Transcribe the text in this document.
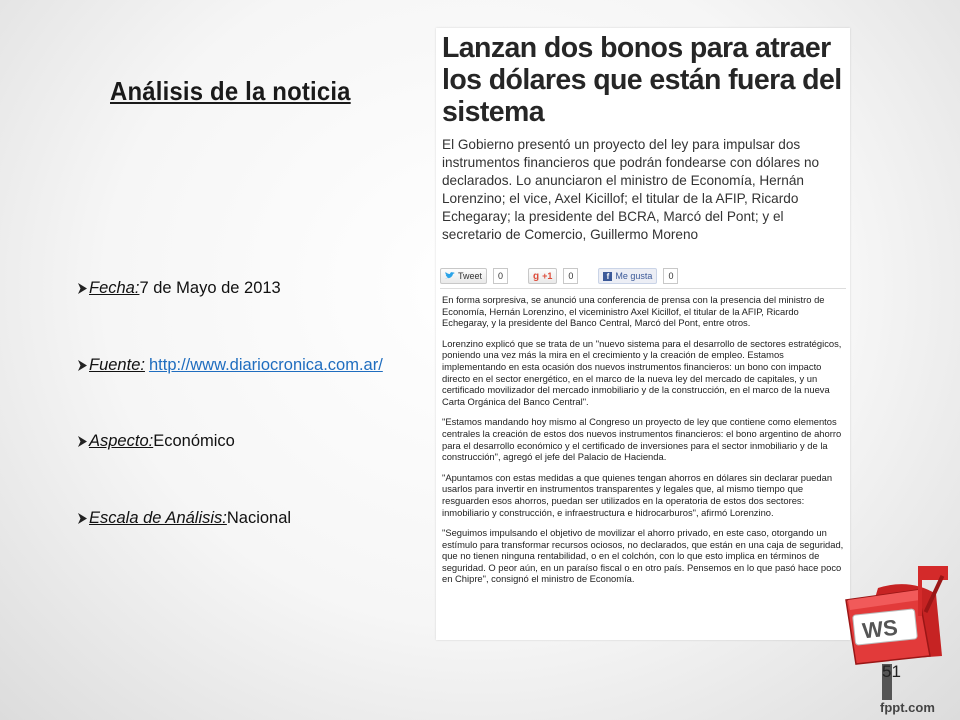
Análisis de la noticia
Fecha: 7 de Mayo de 2013
Fuente: http://www.diariocronica.com.ar/
Aspecto: Económico
Escala de Análisis: Nacional
Lanzan dos bonos para atraer los dólares que están fuera del sistema
El Gobierno presentó un proyecto del ley para impulsar dos instrumentos financieros que podrán fondearse con dólares no declarados. Lo anunciaron el ministro de Economía, Hernán Lorenzino; el vice, Axel Kicillof; el titular de la AFIP, Ricardo Echegaray; la presidente del BCRA, Marcó del Pont; y el secretario de Comercio, Guillermo Moreno
Tweet	0	g +1	0	f Me gusta	0

En forma sorpresiva, se anunció una conferencia de prensa con la presencia del ministro de Economía, Hernán Lorenzino, el viceministro Axel Kicillof, el titular de la AFIP, Ricardo Echegaray, y la presidente del Banco Central, Marcó del Pont, entre otros.

Lorenzino explicó que se trata de un "nuevo sistema para el desarrollo de sectores estratégicos, poniendo una vez más la mira en el crecimiento y la creación de empleo. Estamos implementando en esta ocasión dos nuevos instrumentos financieros: un bono con impacto directo en el sector energético, en el marco de la nueva ley del mercado de capitales, y un certificado movilizador del mercado inmobiliario y de la construcción, en el marco de la nueva Carta Orgánica del Banco Central".

"Estamos mandando hoy mismo al Congreso un proyecto de ley que contiene como elementos centrales la creación de estos dos nuevos instrumentos financieros: el bono argentino de ahorro para el desarrollo económico y el certificado de inversiones para el sector inmobiliario y de la construcción", agregó el jefe del Palacio de Hacienda.

"Apuntamos con estas medidas a que quienes tengan ahorros en dólares sin declarar puedan usarlos para invertir en instrumentos transparentes y legales que, al mismo tiempo que resguarden esos ahorros, puedan ser utilizados en la operatoria de estos dos sectores: inmobiliario y construcción, e infraestructura e hidrocarburos", afirmó Lorenzino.

"Seguimos impulsando el objetivo de movilizar el ahorro privado, en este caso, otorgando un estímulo para transformar recursos ociosos, no declarados, que están en una caja de seguridad, que no tienen ninguna rentabilidad, o en el colchón, con lo que esto implica en términos de seguridad. O peor aún, en un paraíso fiscal o en otro país. Pensemos en lo que pasó hace poco en Chipre", consignó el ministro de Economía.

WS
51
fppt.com
